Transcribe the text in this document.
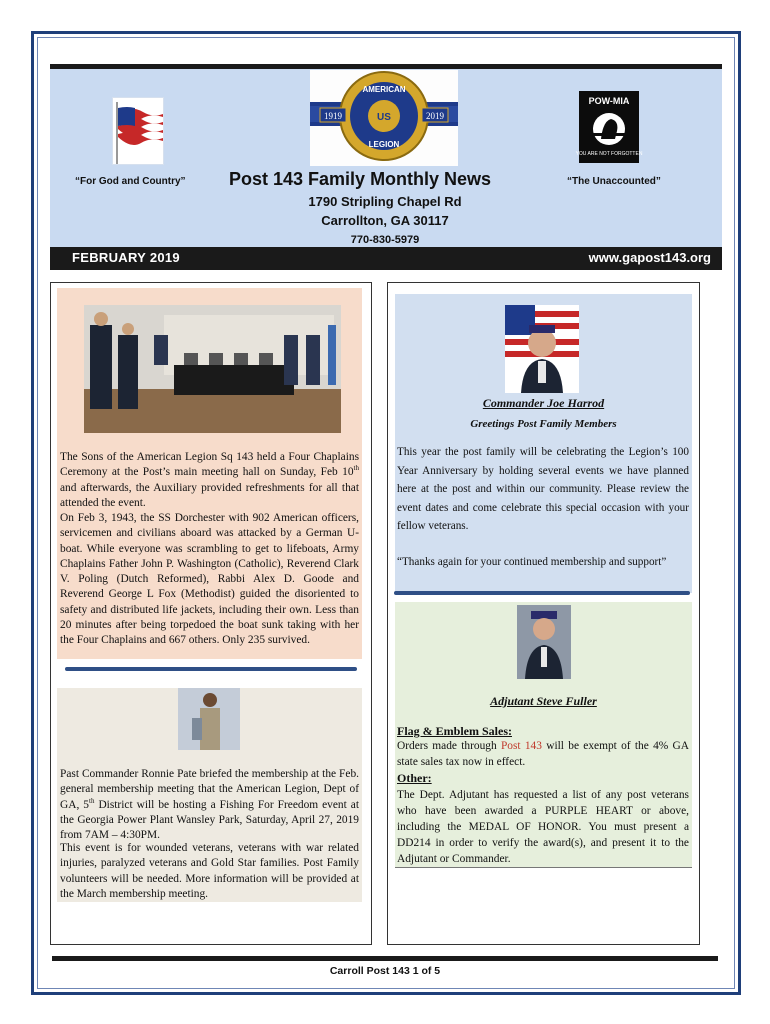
1919	2019
AMERICAN
LEGION
US
POW-MIA
YOU ARE NOT FORGOTTEN
“For God and Country” Post 143 Family Monthly News	“The Unaccounted”
1790 Stripling Chapel Rd
Carrollton, GA 30117
770-830-5979
FEBRUARY 2019	www.gapost143.org

The Sons of the American Legion Sq 143 held a Four Chaplains Ceremony at the Post’s main meeting hall on Sunday, Feb 10th and afterwards, the Auxiliary provided refreshments for all that attended the event.

On Feb 3, 1943, the SS Dorchester with 902 American officers, servicemen and civilians aboard was attacked by a German U-boat. While everyone was scrambling to get to lifeboats, Army Chaplains Father John P. Washington (Catholic), Reverend Clark V. Poling (Dutch Reformed), Rabbi Alex D. Goode and Reverend George L Fox (Methodist) guided the disoriented to safety and distributed life jackets, including their own. Less than 20 minutes after being torpedoed the boat sunk taking with her the Four Chaplains and 667 others. Only 235 survived.

Past Commander Ronnie Pate briefed the membership at the Feb. general membership meeting that the American Legion, Dept of GA, 5th District will be hosting a Fishing For Freedom event at the Georgia Power Plant Wansley Park, Saturday, April 27, 2019 from 7AM – 4:30PM.

This event is for wounded veterans, veterans with war related injuries, paralyzed veterans and Gold Star families. Post Family volunteers will be needed. More information will be provided at the March membership meeting.

Commander Joe Harrod
Greetings Post Family Members

This year the post family will be celebrating the Legion’s 100 Year Anniversary by holding several events we have planned here at the post and within our community. Please review the event dates and come celebrate this special occasion with your fellow veterans.

“Thanks again for your continued membership and support”

Adjutant Steve Fuller
Flag & Emblem Sales:

Orders made through Post 143 will be exempt of the 4% GA state sales tax now in effect.

Other:

The Dept. Adjutant has requested a list of any post veterans who have been awarded a PURPLE HEART or above, including the MEDAL OF HONOR. You must present a DD214 in order to verify the award(s), and present it to the Adjutant or Commander.

Carroll Post 143 1 of 5
